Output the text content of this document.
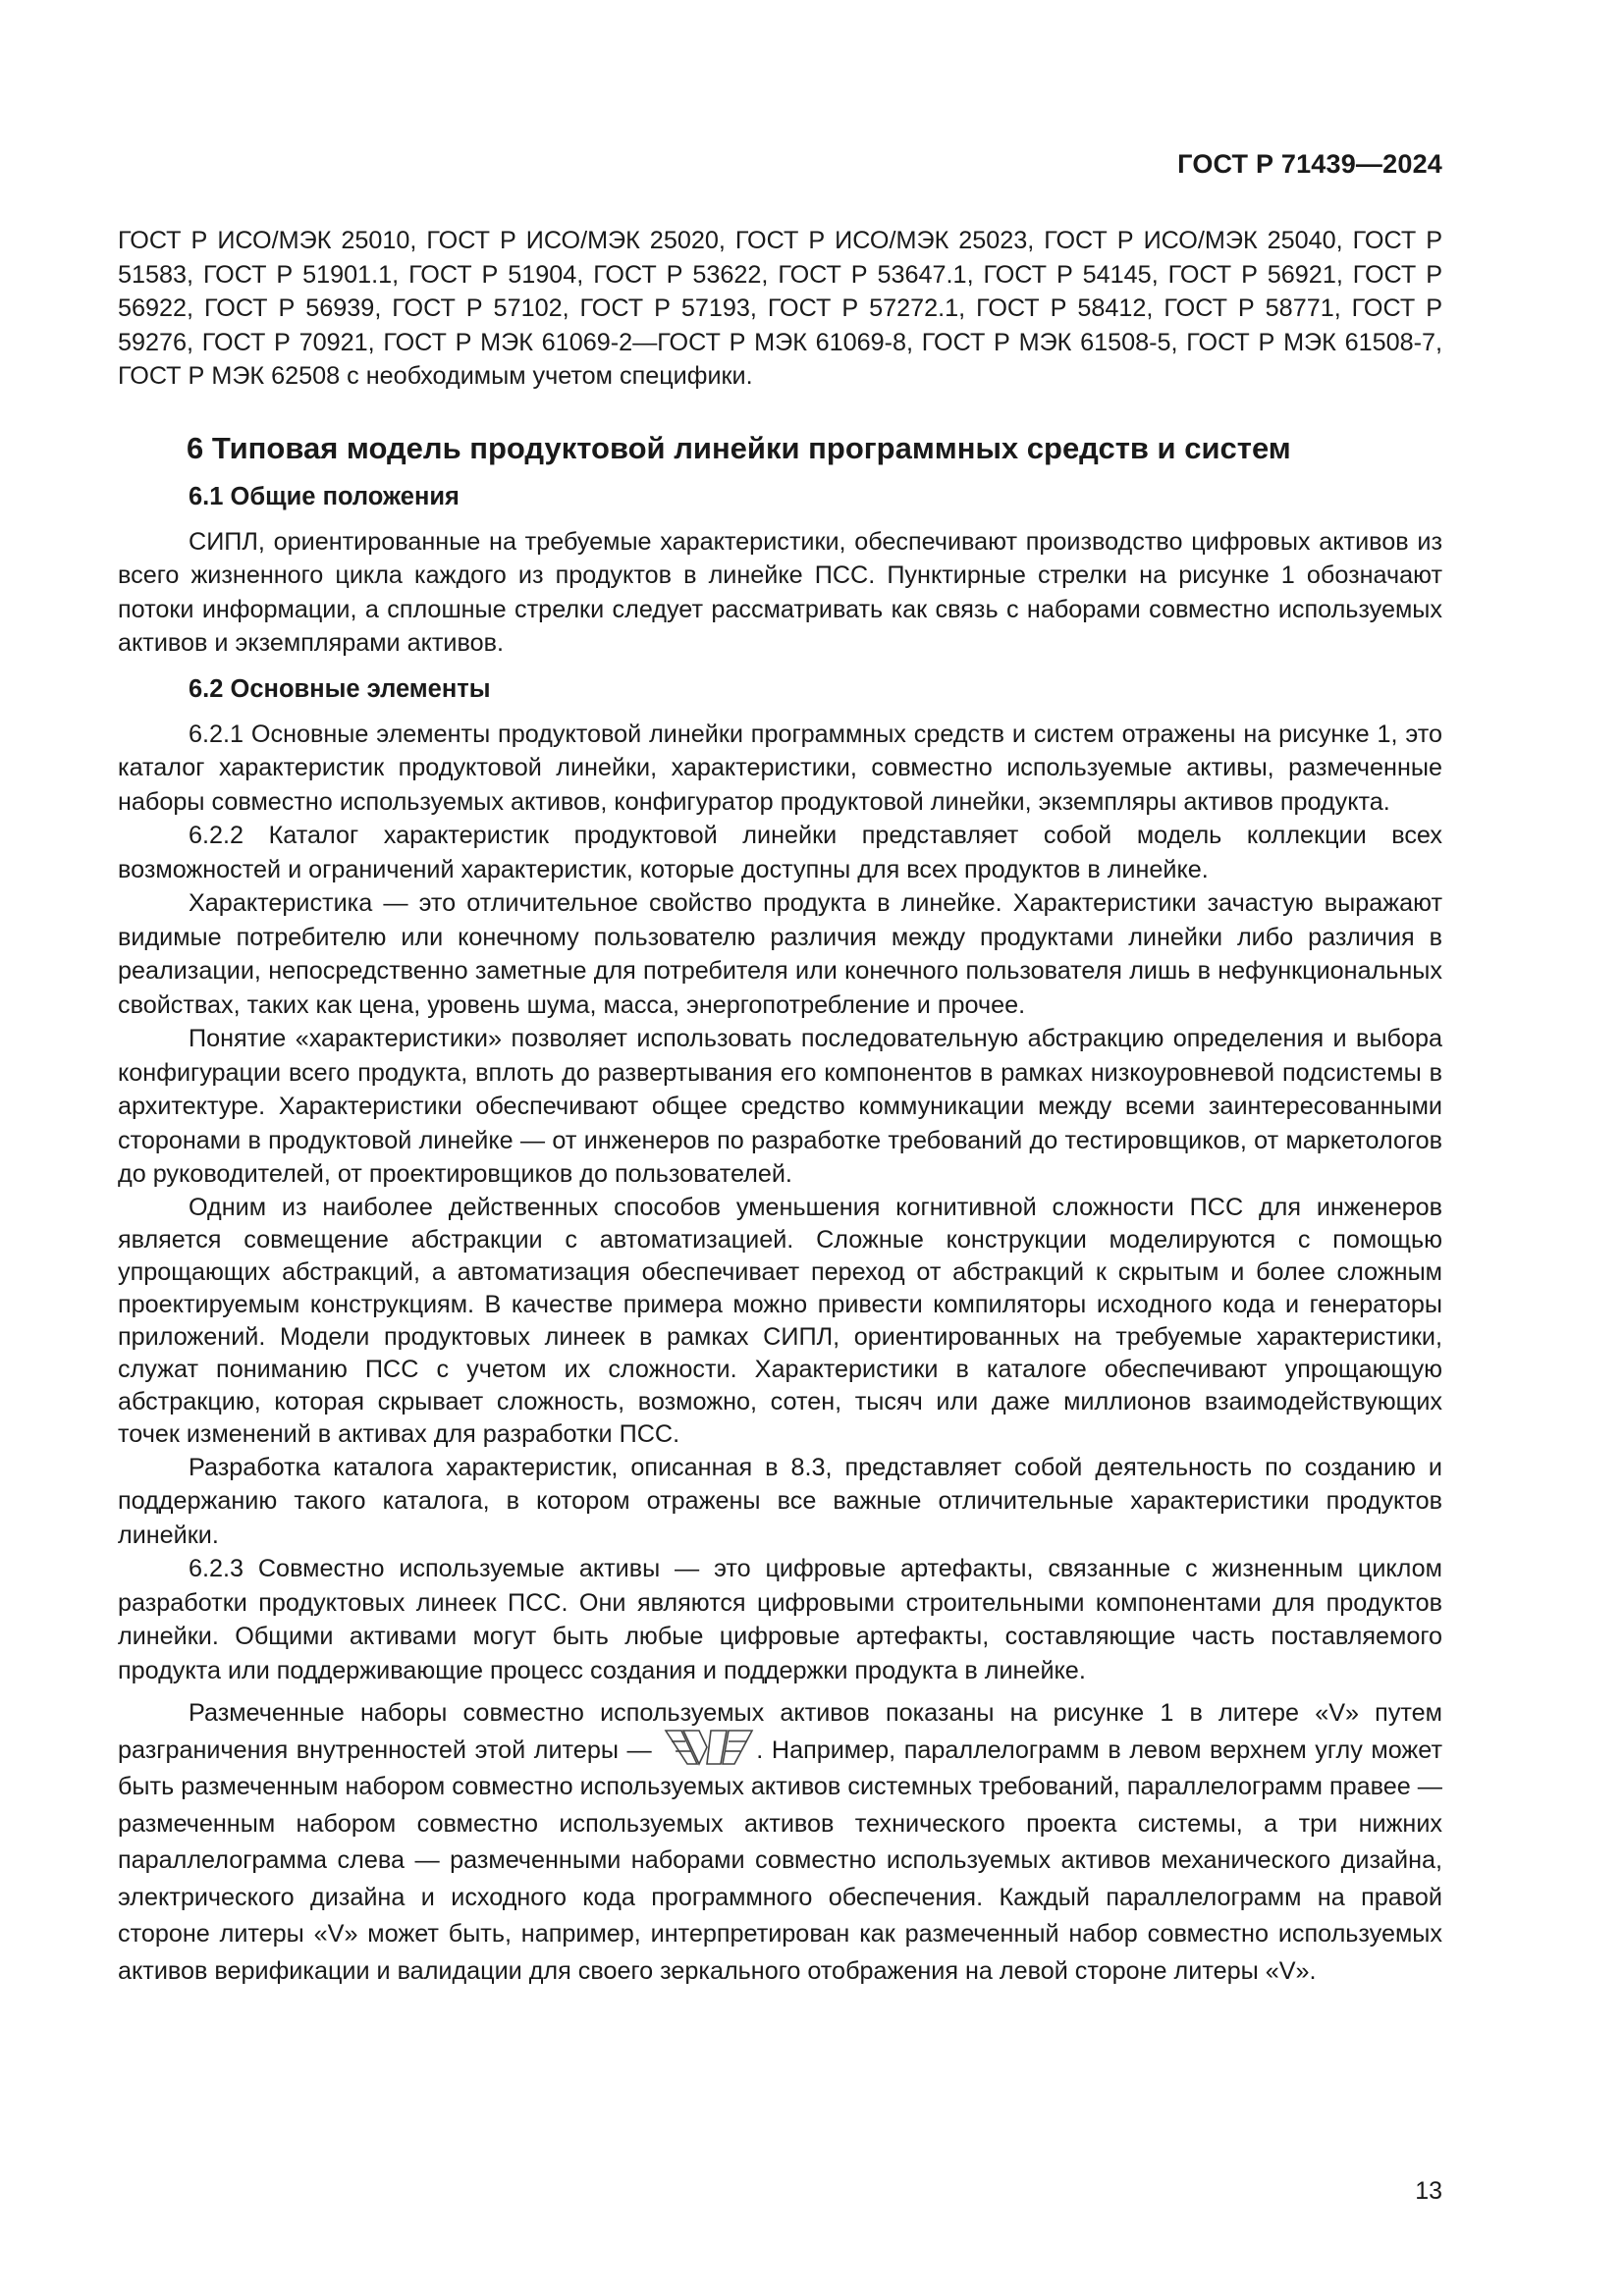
ГОСТ Р 71439—2024

ГОСТ Р ИСО/МЭК 25010, ГОСТ Р ИСО/МЭК 25020, ГОСТ Р ИСО/МЭК 25023, ГОСТ Р ИСО/МЭК 25040, ГОСТ Р 51583, ГОСТ Р 51901.1, ГОСТ Р 51904, ГОСТ Р 53622, ГОСТ Р 53647.1, ГОСТ Р 54145, ГОСТ Р 56921, ГОСТ Р 56922, ГОСТ Р 56939, ГОСТ Р 57102, ГОСТ Р 57193, ГОСТ Р 57272.1, ГОСТ Р 58412, ГОСТ Р 58771, ГОСТ Р 59276, ГОСТ Р 70921, ГОСТ Р МЭК 61069-2—ГОСТ Р МЭК 61069-8, ГОСТ Р МЭК 61508-5, ГОСТ Р МЭК 61508-7, ГОСТ Р МЭК 62508 с необходимым учетом специфики.

6 Типовая модель продуктовой линейки программных средств и систем
6.1 Общие положения

СИПЛ, ориентированные на требуемые характеристики, обеспечивают производство цифровых активов из всего жизненного цикла каждого из продуктов в линейке ПСС. Пунктирные стрелки на рисунке 1 обозначают потоки информации, а сплошные стрелки следует рассматривать как связь с наборами совместно используемых активов и экземплярами активов.

6.2 Основные элементы

6.2.1 Основные элементы продуктовой линейки программных средств и систем отражены на рисунке 1, это каталог характеристик продуктовой линейки, характеристики, совместно используемые активы, размеченные наборы совместно используемых активов, конфигуратор продуктовой линейки, экземпляры активов продукта.

6.2.2 Каталог характеристик продуктовой линейки представляет собой модель коллекции всех возможностей и ограничений характеристик, которые доступны для всех продуктов в линейке.

Характеристика — это отличительное свойство продукта в линейке. Характеристики зачастую выражают видимые потребителю или конечному пользователю различия между продуктами линейки либо различия в реализации, непосредственно заметные для потребителя или конечного пользователя лишь в нефункциональных свойствах, таких как цена, уровень шума, масса, энергопотребление и прочее.

Понятие «характеристики» позволяет использовать последовательную абстракцию определения и выбора конфигурации всего продукта, вплоть до развертывания его компонентов в рамках низкоуровневой подсистемы в архитектуре. Характеристики обеспечивают общее средство коммуникации между всеми заинтересованными сторонами в продуктовой линейке — от инженеров по разработке требований до тестировщиков, от маркетологов до руководителей, от проектировщиков до пользователей.

Одним из наиболее действенных способов уменьшения когнитивной сложности ПСС для инженеров является совмещение абстракции с автоматизацией. Сложные конструкции моделируются с помощью упрощающих абстракций, а автоматизация обеспечивает переход от абстракций к скрытым и более сложным проектируемым конструкциям. В качестве примера можно привести компиляторы исходного кода и генераторы приложений. Модели продуктовых линеек в рамках СИПЛ, ориентированных на требуемые характеристики, служат пониманию ПСС с учетом их сложности. Характеристики в каталоге обеспечивают упрощающую абстракцию, которая скрывает сложность, возможно, сотен, тысяч или даже миллионов взаимодействующих точек изменений в активах для разработки ПСС.

Разработка каталога характеристик, описанная в 8.3, представляет собой деятельность по созданию и поддержанию такого каталога, в котором отражены все важные отличительные характеристики продуктов линейки.

6.2.3 Совместно используемые активы — это цифровые артефакты, связанные с жизненным циклом разработки продуктовых линеек ПСС. Они являются цифровыми строительными компонентами для продуктов линейки. Общими активами могут быть любые цифровые артефакты, составляющие часть поставляемого продукта или поддерживающие процесс создания и поддержки продукта в линейке.

Размеченные наборы совместно используемых активов показаны на рисунке 1 в литере «V» путем разграничения внутренностей этой литеры —	. Например, параллелограмм в левом верхнем углу может быть размеченным набором совместно используемых активов системных требований, параллелограмм правее — размеченным набором совместно используемых активов технического проекта системы, а три нижних параллелограмма слева — размеченными наборами совместно используемых активов механического дизайна, электрического дизайна и исходного кода программного обеспечения. Каждый параллелограмм на правой стороне литеры «V» может быть, например, интерпретирован как размеченный набор совместно используемых активов верификации и валидации для своего зеркального отображения на левой стороне литеры «V».

13
